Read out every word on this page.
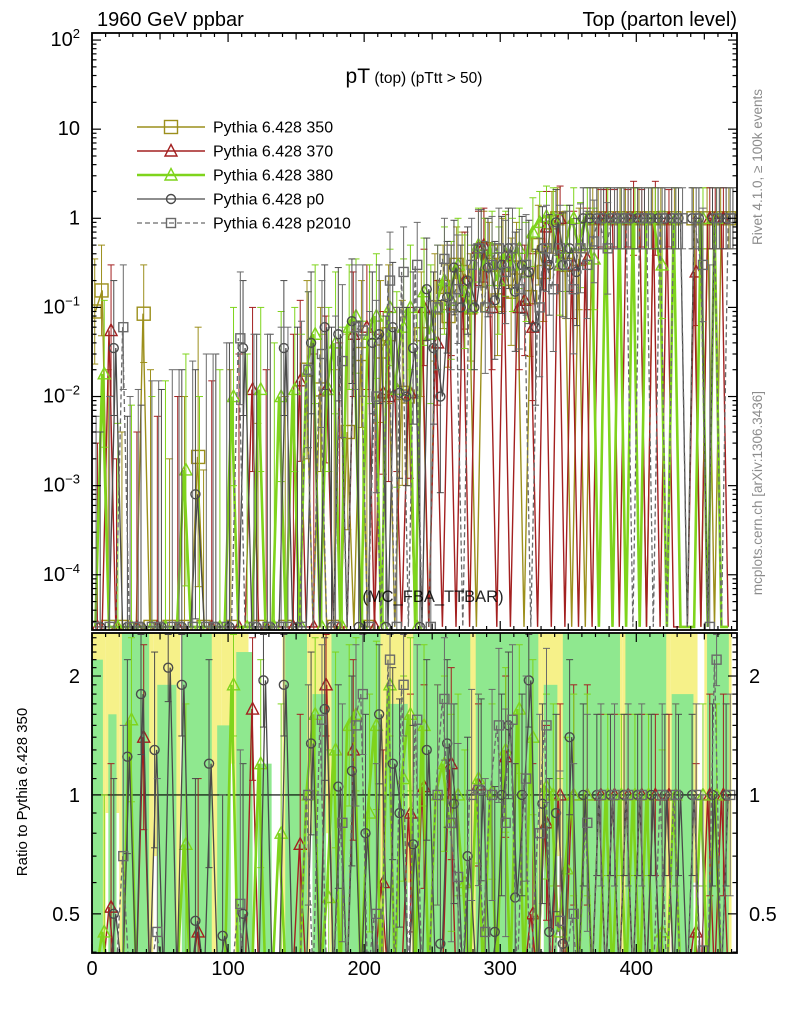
0	100	200	300	400
$10^2$
10
1
$10^{-1}$
$10^{-2}$
$10^{-3}$
$10^{-4}$
0.5	0.5
1	1
2	2
Pythia 6.428 350
Pythia 6.428 370
Pythia 6.428 380
Pythia 6.428 p0
Pythia 6.428 p2010
1960 GeV ppbar	Top (parton level)
pT (top) (pTtt > 50)
(MC_FBA_TTBAR)
Rivet 4.1.0, ≥ 100k events
mcplots.cern.ch [arXiv:1306.3436]
Ratio to Pythia 6.428 350
